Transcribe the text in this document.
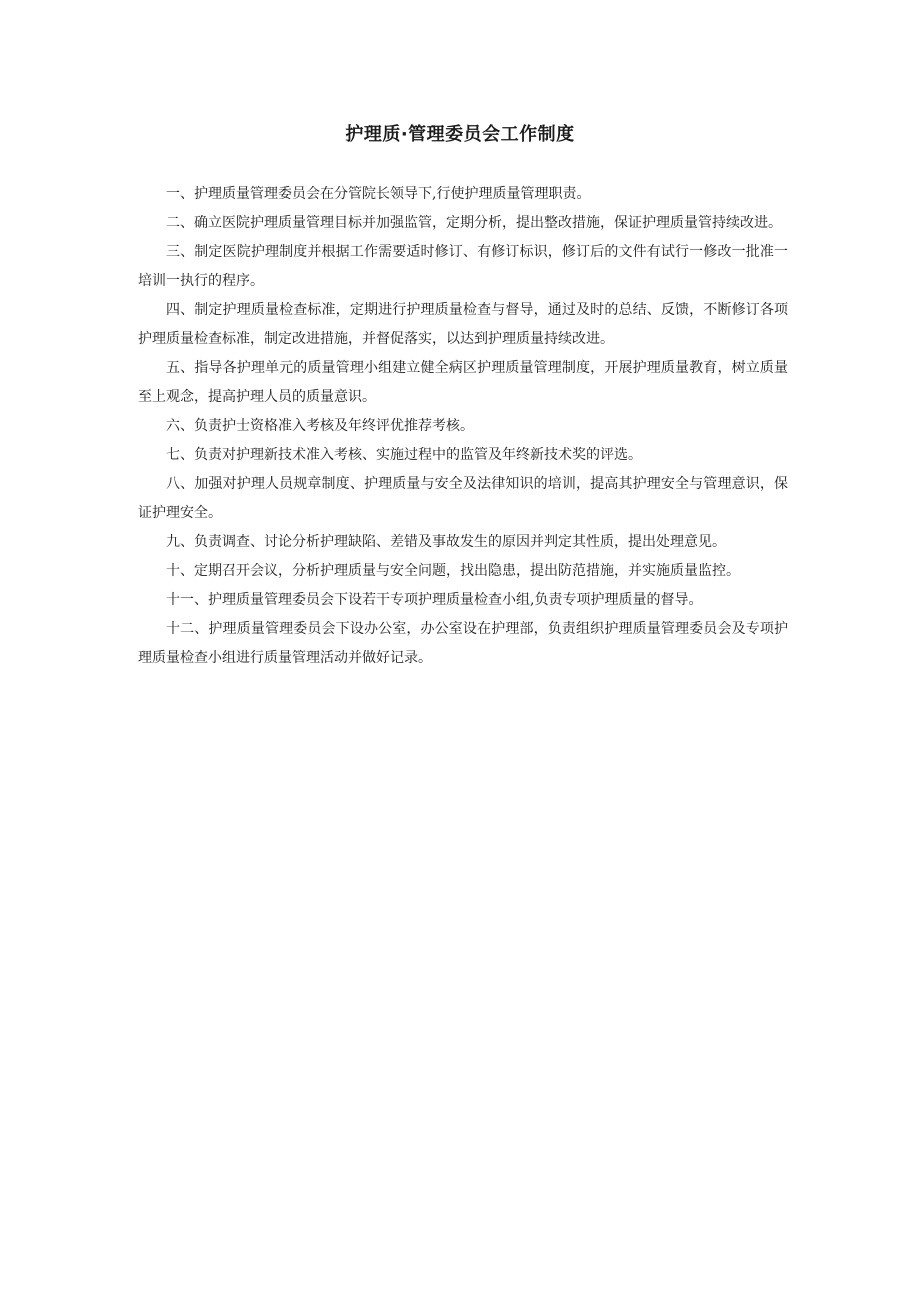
护理质·管理委员会工作制度

一、护理质量管理委员会在分管院长领导下,行使护理质量管理职责。

二、确立医院护理质量管理目标并加强监管，定期分析，提出整改措施，保证护理质量管持续改进。

三、制定医院护理制度并根据工作需要适时修订、有修订标识，修订后的文件有试行一修改一批准一培训一执行的程序。

四、制定护理质量检查标准，定期进行护理质量检查与督导，通过及时的总结、反馈，不断修订各项护理质量检查标准，制定改进措施，并督促落实，以达到护理质量持续改进。

五、指导各护理单元的质量管理小组建立健全病区护理质量管理制度，开展护理质量教育，树立质量至上观念，提高护理人员的质量意识。

六、负责护士资格准入考核及年终评优推荐考核。

七、负责对护理新技术准入考核、实施过程中的监管及年终新技术奖的评选。

八、加强对护理人员规章制度、护理质量与安全及法律知识的培训，提高其护理安全与管理意识，保证护理安全。

九、负责调查、讨论分析护理缺陷、差错及事故发生的原因并判定其性质，提出处理意见。

十、定期召开会议，分析护理质量与安全问题，找出隐患，提出防范措施，并实施质量监控。

十一、护理质量管理委员会下设若干专项护理质量检查小组,负责专项护理质量的督导。

十二、护理质量管理委员会下设办公室，办公室设在护理部，负责组织护理质量管理委员会及专项护理质量检查小组进行质量管理活动并做好记录。
